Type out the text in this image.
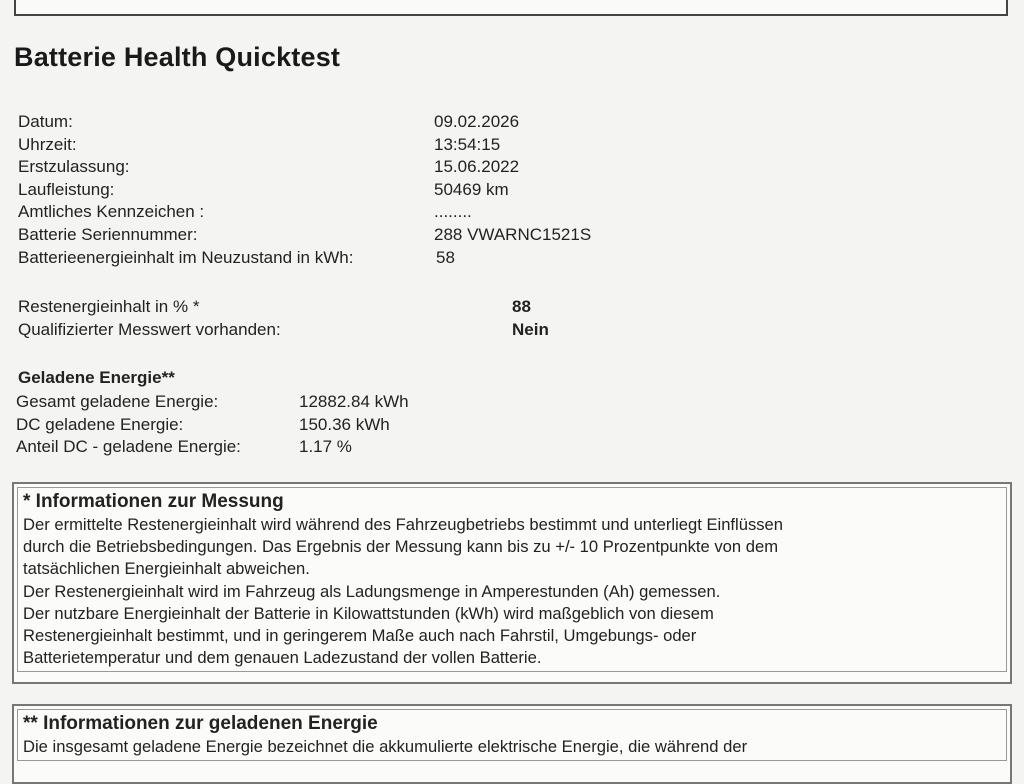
Batterie Health Quicktest
Datum:	09.02.2026
Uhrzeit:	13:54:15
Erstzulassung:	15.06.2022
Laufleistung:	50469 km
Amtliches Kennzeichen :	........
Batterie Seriennummer:	288 VWARNC1521S
Batterieenergieinhalt im Neuzustand in kWh:	58
Restenergieinhalt in % *	88
Qualifizierter Messwert vorhanden:	Nein
Geladene Energie**
Gesamt geladene Energie:	12882.84 kWh
DC geladene Energie:	150.36 kWh
Anteil DC - geladene Energie:	1.17 %
* Informationen zur Messung
Der ermittelte Restenergieinhalt wird während des Fahrzeugbetriebs bestimmt und unterliegt Einflüssen
durch die Betriebsbedingungen. Das Ergebnis der Messung kann bis zu +/- 10 Prozentpunkte von dem
tatsächlichen Energieinhalt abweichen.
Der Restenergieinhalt wird im Fahrzeug als Ladungsmenge in Amperestunden (Ah) gemessen.
Der nutzbare Energieinhalt der Batterie in Kilowattstunden (kWh) wird maßgeblich von diesem
Restenergieinhalt bestimmt, und in geringerem Maße auch nach Fahrstil, Umgebungs- oder
Batterietemperatur und dem genauen Ladezustand der vollen Batterie.
** Informationen zur geladenen Energie
Die insgesamt geladene Energie bezeichnet die akkumulierte elektrische Energie, die während der
